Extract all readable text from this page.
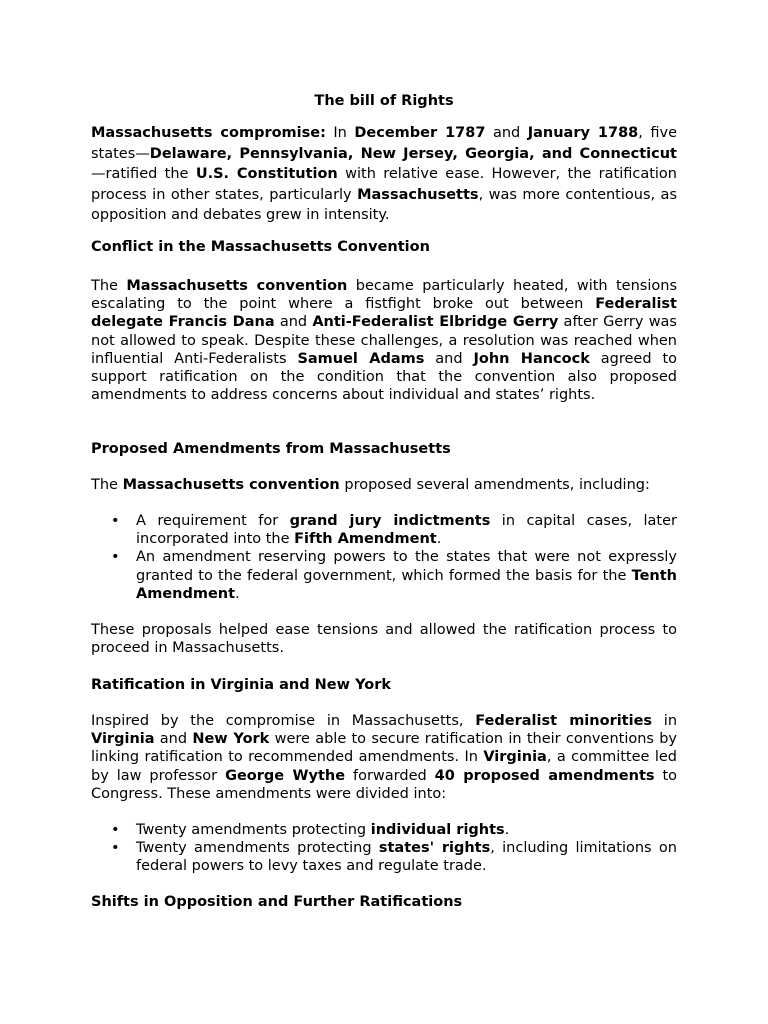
The bill of Rights
Massachusetts compromise: In December 1787 and January 1788, five states—Delaware, Pennsylvania, New Jersey, Georgia, and Connecticut—ratified the U.S. Constitution with relative ease. However, the ratification process in other states, particularly Massachusetts, was more contentious, as opposition and debates grew in intensity.
Conflict in the Massachusetts Convention
The Massachusetts convention became particularly heated, with tensions escalating to the point where a fistfight broke out between Federalist delegate Francis Dana and Anti-Federalist Elbridge Gerry after Gerry was not allowed to speak. Despite these challenges, a resolution was reached when influential Anti-Federalists Samuel Adams and John Hancock agreed to support ratification on the condition that the convention also proposed amendments to address concerns about individual and states’ rights.
Proposed Amendments from Massachusetts
The Massachusetts convention proposed several amendments, including:
• A requirement for grand jury indictments in capital cases, later incorporated into the Fifth Amendment.
• An amendment reserving powers to the states that were not expressly granted to the federal government, which formed the basis for the Tenth Amendment.
These proposals helped ease tensions and allowed the ratification process to proceed in Massachusetts.
Ratification in Virginia and New York
Inspired by the compromise in Massachusetts, Federalist minorities in Virginia and New York were able to secure ratification in their conventions by linking ratification to recommended amendments. In Virginia, a committee led by law professor George Wythe forwarded 40 proposed amendments to Congress. These amendments were divided into:
• Twenty amendments protecting individual rights.
• Twenty amendments protecting states' rights, including limitations on federal powers to levy taxes and regulate trade.
Shifts in Opposition and Further Ratifications
